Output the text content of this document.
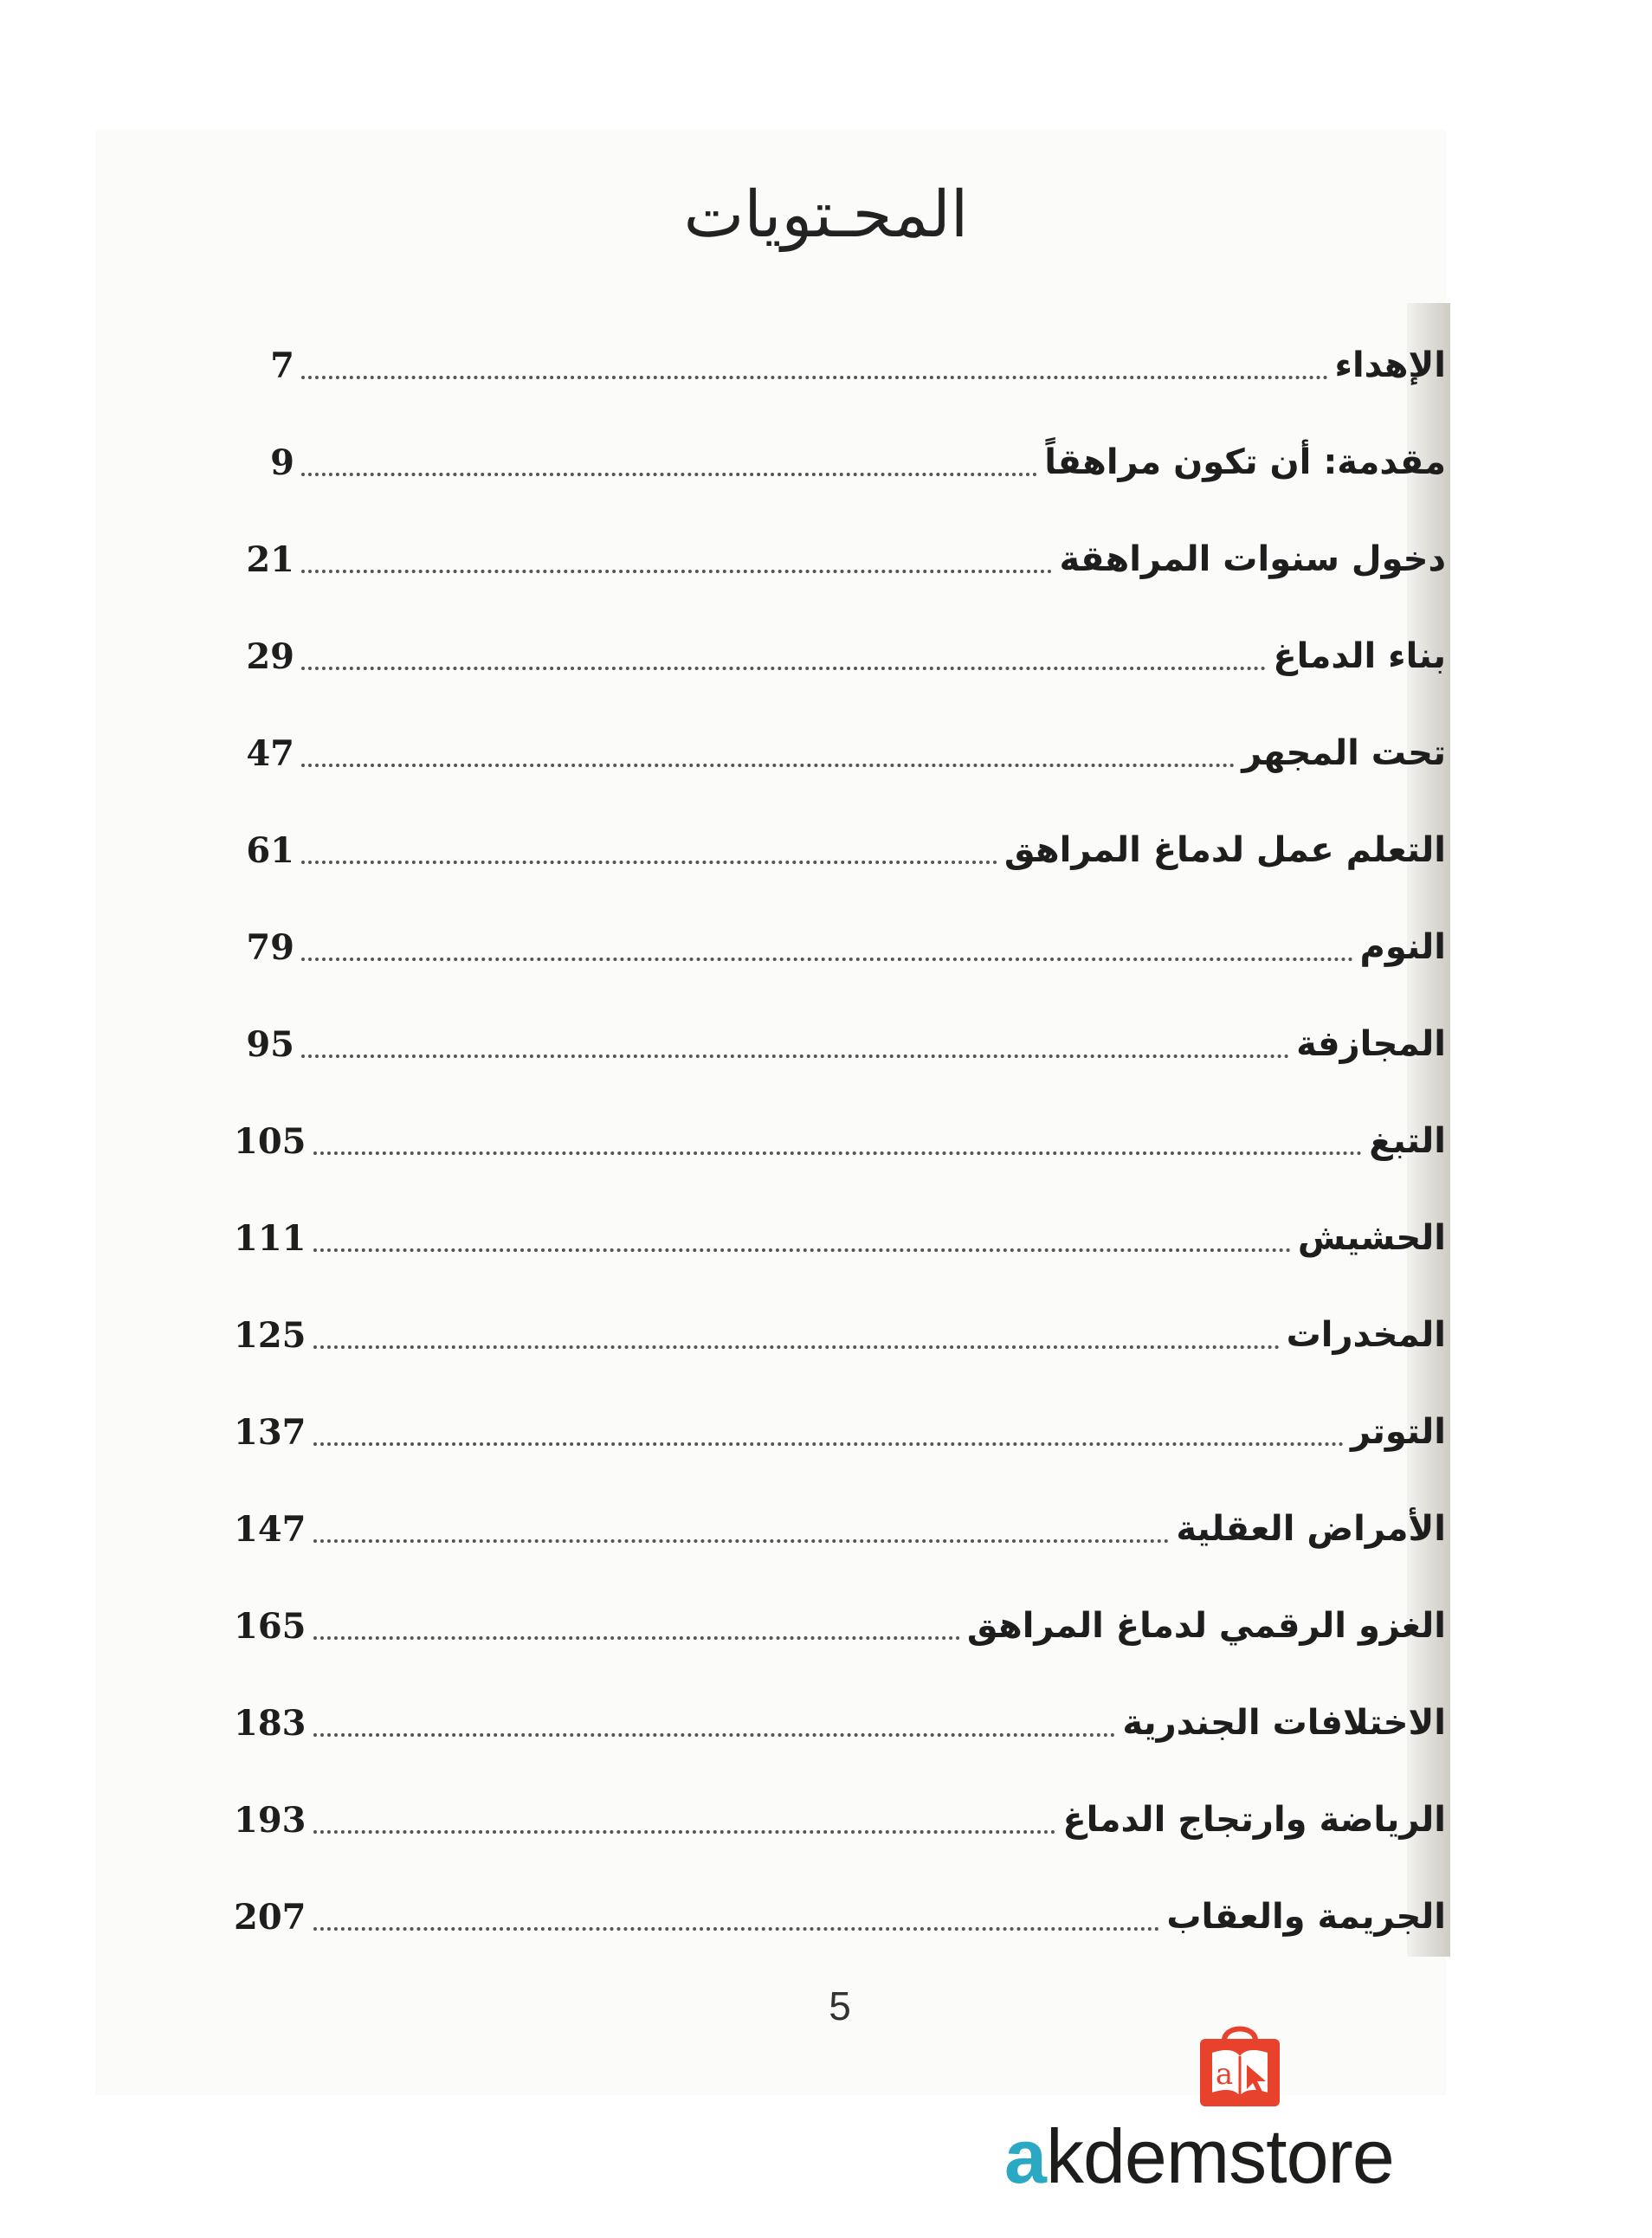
المحـتويات
الإهداء
7
مقدمة: أن تكون مراهقاً
9
دخول سنوات المراهقة
21
بناء الدماغ
29
تحت المجهر
47
التعلم عمل لدماغ المراهق
61
النوم
79
المجازفة
95
التبغ
105
الحشيش
111
المخدرات
125
التوتر
137
الأمراض العقلية
147
الغزو الرقمي لدماغ المراهق
165
الاختلافات الجندرية
183
الرياضة وارتجاج الدماغ
193
الجريمة والعقاب
207
5
a
akdemstore
